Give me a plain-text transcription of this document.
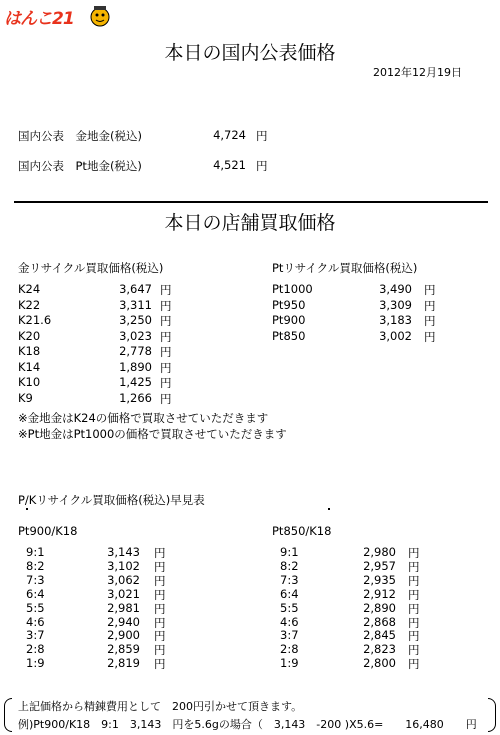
はんこ21
本日の国内公表価格
2012年12月19日
国内公表　金地金(税込)	4,724 円
国内公表　Pt地金(税込)	4,521 円
本日の店舗買取価格
金リサイクル買取価格(税込)
K24	3,647 円
K22	3,311 円
K21.6	3,250 円
K20	3,023 円
K18	2,778 円
K14	1,890 円
K10	1,425 円
K9	1,266 円
Ptリサイクル買取価格(税込)
Pt1000	3,490 円
Pt950	3,309 円
Pt900	3,183 円
Pt850	3,002 円
※金地金はK24の価格で買取させていただきます
※Pt地金はPt1000の価格で買取させていただきます
P/Kリサイクル買取価格(税込)早見表
Pt900/K18	Pt850/K18
9:1	3,143 円
8:2	3,102 円
7:3	3,062 円
6:4	3,021 円
5:5	2,981 円
4:6	2,940 円
3:7	2,900 円
2:8	2,859 円
1:9	2,819 円
9:1	2,980 円
8:2	2,957 円
7:3	2,935 円
6:4	2,912 円
5:5	2,890 円
4:6	2,868 円
3:7	2,845 円
2:8	2,823 円
1:9	2,800 円
上記価格から精錬費用として　200円引かせて頂きます。
例)Pt900/K18　9:1　3,143　円を5.6gの場合（　3,143　-200 )X5.6=　　16,480　　円
